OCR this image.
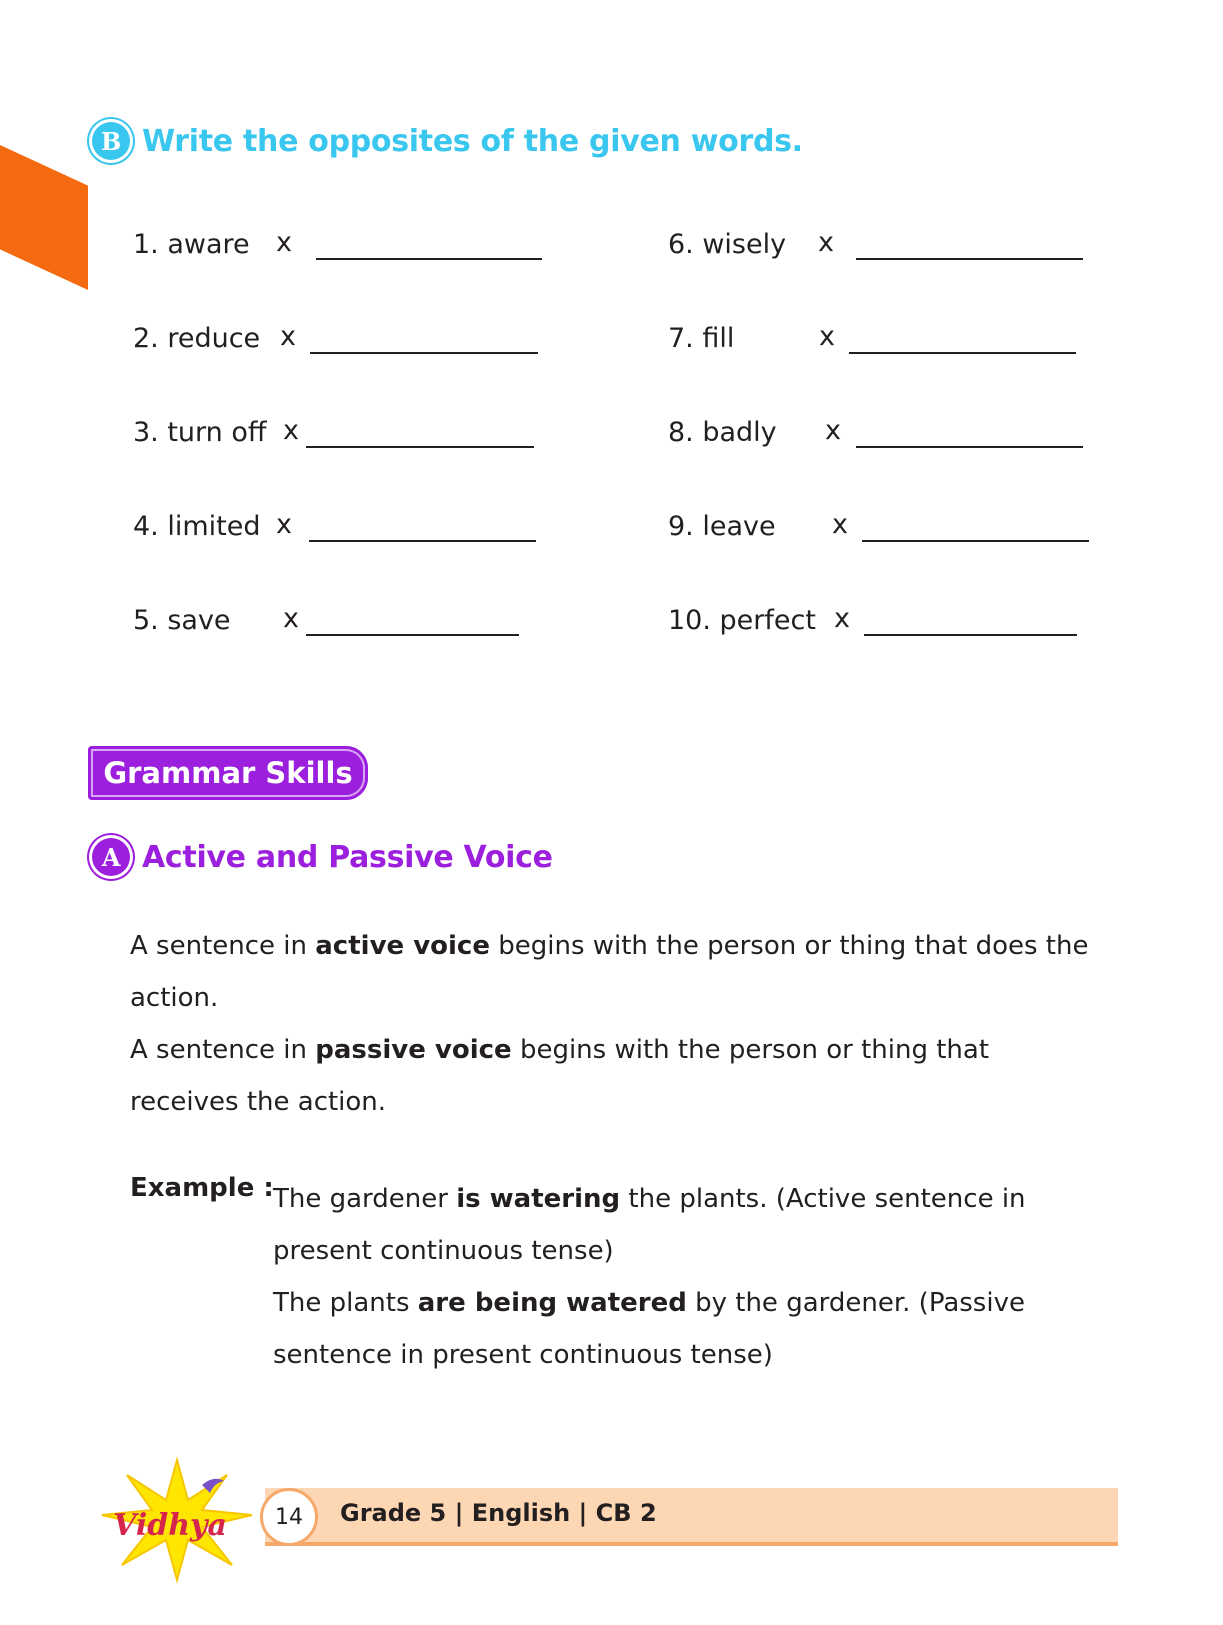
B Write the opposites of the given words.
1. aware x
2. reduce x
3. turn off x
4. limited x
5. save x
6. wisely x
7. fill	x
8. badly x
9. leave x
10. perfect x
Grammar Skills
A Active and Passive Voice
A sentence in active voice begins with the person or thing that does the action.
A sentence in passive voice begins with the person or thing that receives the action.
Example : The gardener is watering the plants. (Active sentence in present continuous tense)
The plants are being watered by the gardener. (Passive sentence in present continuous tense)
Vidhya	14	Grade 5 | English | CB 2
